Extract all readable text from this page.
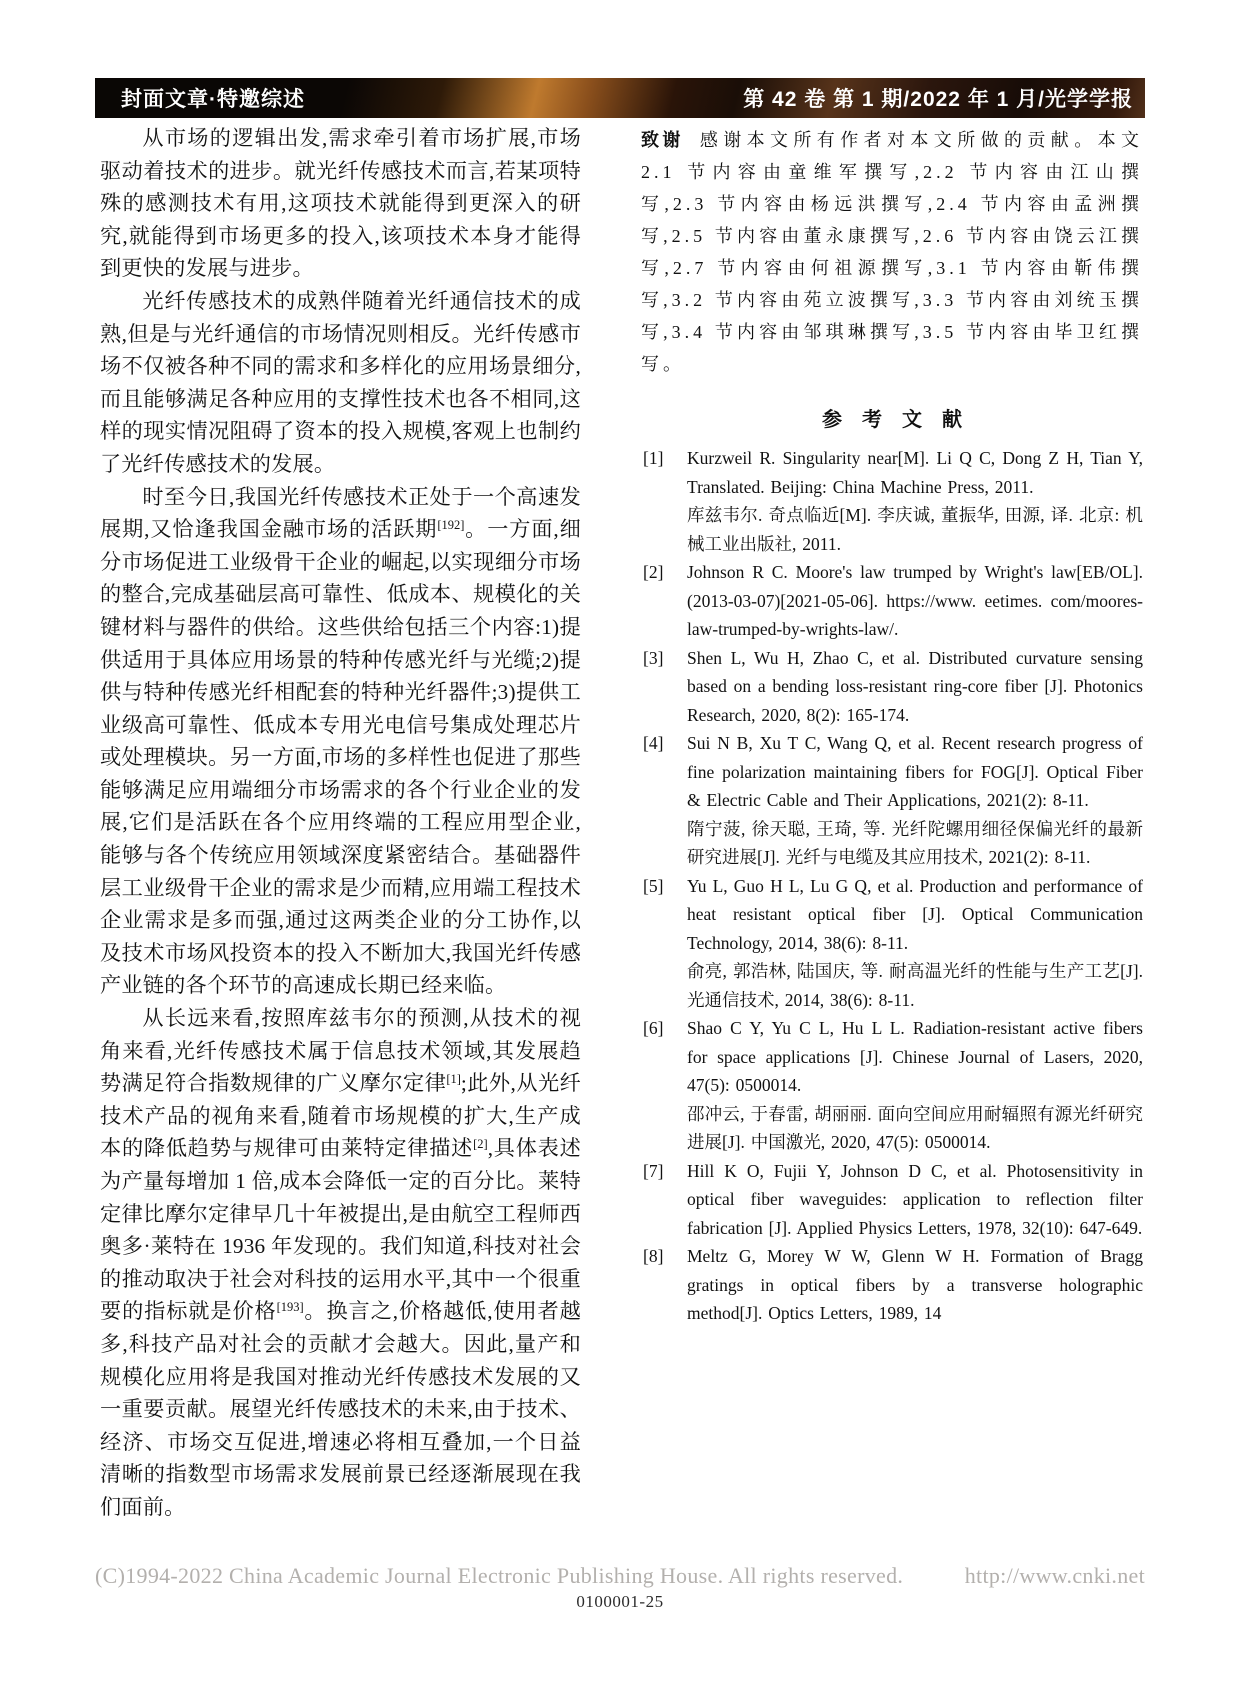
封面文章·特邀综述	第 42 卷 第 1 期/2022 年 1 月/光学学报

从市场的逻辑出发,需求牵引着市场扩展,市场驱动着技术的进步。就光纤传感技术而言,若某项特殊的感测技术有用,这项技术就能得到更深入的研究,就能得到市场更多的投入,该项技术本身才能得到更快的发展与进步。

光纤传感技术的成熟伴随着光纤通信技术的成熟,但是与光纤通信的市场情况则相反。光纤传感市场不仅被各种不同的需求和多样化的应用场景细分,而且能够满足各种应用的支撑性技术也各不相同,这样的现实情况阻碍了资本的投入规模,客观上也制约了光纤传感技术的发展。

时至今日,我国光纤传感技术正处于一个高速发展期,又恰逢我国金融市场的活跃期[192]。一方面,细分市场促进工业级骨干企业的崛起,以实现细分市场的整合,完成基础层高可靠性、低成本、规模化的关键材料与器件的供给。这些供给包括三个内容:1)提供适用于具体应用场景的特种传感光纤与光缆;2)提供与特种传感光纤相配套的特种光纤器件;3)提供工业级高可靠性、低成本专用光电信号集成处理芯片或处理模块。另一方面,市场的多样性也促进了那些能够满足应用端细分市场需求的各个行业企业的发展,它们是活跃在各个应用终端的工程应用型企业,能够与各个传统应用领域深度紧密结合。基础器件层工业级骨干企业的需求是少而精,应用端工程技术企业需求是多而强,通过这两类企业的分工协作,以及技术市场风投资本的投入不断加大,我国光纤传感产业链的各个环节的高速成长期已经来临。

从长远来看,按照库兹韦尔的预测,从技术的视角来看,光纤传感技术属于信息技术领域,其发展趋势满足符合指数规律的广义摩尔定律[1];此外,从光纤技术产品的视角来看,随着市场规模的扩大,生产成本的降低趋势与规律可由莱特定律描述[2],具体表述为产量每增加 1 倍,成本会降低一定的百分比。莱特定律比摩尔定律早几十年被提出,是由航空工程师西奥多·莱特在 1936 年发现的。我们知道,科技对社会的推动取决于社会对科技的运用水平,其中一个很重要的指标就是价格[193]。换言之,价格越低,使用者越多,科技产品对社会的贡献才会越大。因此,量产和规模化应用将是我国对推动光纤传感技术发展的又一重要贡献。展望光纤传感技术的未来,由于技术、经济、市场交互促进,增速必将相互叠加,一个日益清晰的指数型市场需求发展前景已经逐渐展现在我们面前。

致谢 感谢本文所有作者对本文所做的贡献。本文 2.1 节内容由童维军撰写,2.2 节内容由江山撰写,2.3 节内容由杨远洪撰写,2.4 节内容由孟洲撰写,2.5 节内容由董永康撰写,2.6 节内容由饶云江撰写,2.7 节内容由何祖源撰写,3.1 节内容由靳伟撰写,3.2 节内容由苑立波撰写,3.3 节内容由刘统玉撰写,3.4 节内容由邹琪琳撰写,3.5 节内容由毕卫红撰写。

参　考　文　献
[1] Kurzweil R. Singularity near[M]. Li Q C, Dong Z H, Tian Y, Translated. Beijing: China Machine Press, 2011.
库兹韦尔. 奇点临近[M]. 李庆诚, 董振华, 田源, 译. 北京: 机械工业出版社, 2011.
[2] Johnson R C. Moore's law trumped by Wright's law[EB/OL]. (2013-03-07)[2021-05-06]. https://www. eetimes. com/moores-law-trumped-by-wrights-law/.
[3] Shen L, Wu H, Zhao C, et al. Distributed curvature sensing based on a bending loss-resistant ring-core fiber [J]. Photonics Research, 2020, 8(2): 165-174.
[4] Sui N B, Xu T C, Wang Q, et al. Recent research progress of fine polarization maintaining fibers for FOG[J]. Optical Fiber & Electric Cable and Their Applications, 2021(2): 8-11.
隋宁菠, 徐天聪, 王琦, 等. 光纤陀螺用细径保偏光纤的最新研究进展[J]. 光纤与电缆及其应用技术, 2021(2): 8-11.
[5] Yu L, Guo H L, Lu G Q, et al. Production and performance of heat resistant optical fiber [J]. Optical Communication Technology, 2014, 38(6): 8-11.
俞亮, 郭浩林, 陆国庆, 等. 耐高温光纤的性能与生产工艺[J]. 光通信技术, 2014, 38(6): 8-11.
[6] Shao C Y, Yu C L, Hu L L. Radiation-resistant active fibers for space applications [J]. Chinese Journal of Lasers, 2020, 47(5): 0500014.
邵冲云, 于春雷, 胡丽丽. 面向空间应用耐辐照有源光纤研究进展[J]. 中国激光, 2020, 47(5): 0500014.
[7] Hill K O, Fujii Y, Johnson D C, et al. Photosensitivity in optical fiber waveguides: application to reflection filter fabrication [J]. Applied Physics Letters, 1978, 32(10): 647-649.
[8] Meltz G, Morey W W, Glenn W H. Formation of Bragg gratings in optical fibers by a transverse holographic method[J]. Optics Letters, 1989, 14
(C)1994-2022 China Academic Journal Electronic Publishing House. All rights reserved.	http://www.cnki.net
0100001-25
